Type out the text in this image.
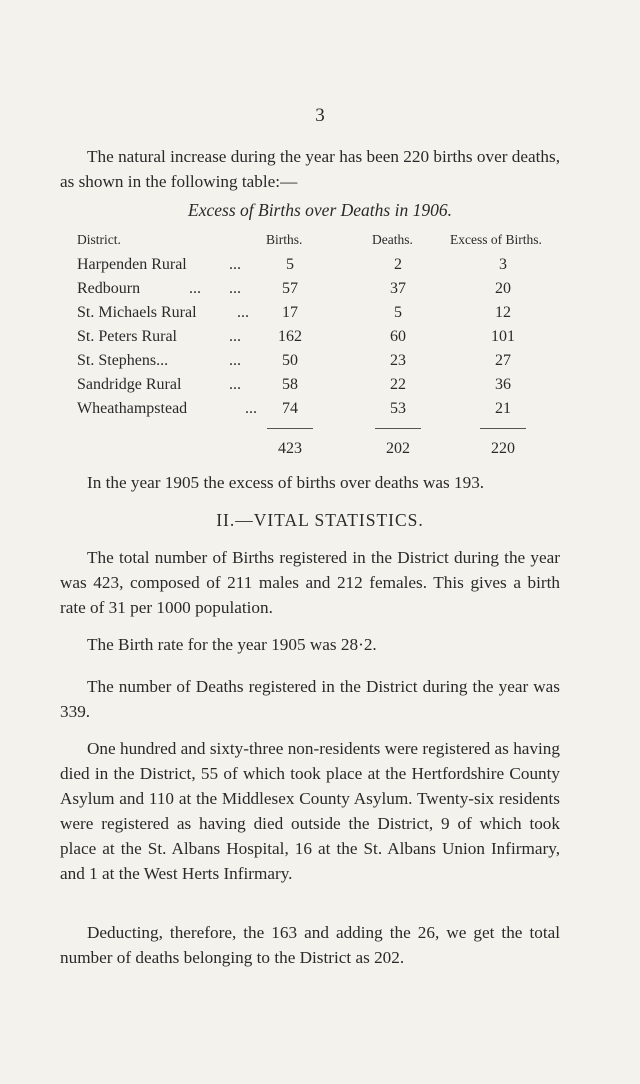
3
The natural increase during the year has been 220 births over deaths, as shown in the following table:—
Excess of Births over Deaths in 1906.
District.	Births.	Deaths.	Excess of Births.
Harpenden Rural	...	5	2	3
Redbourn	...	...	57	37	20
St. Michaels Rural	...	17	5	12
St. Peters Rural	...	162	60	101
St. Stephens...	...	50	23	27
Sandridge Rural	...	58	22	36
Wheathampstead	...	74	53	21
423	202	220
In the year 1905 the excess of births over deaths was 193.
II.—VITAL STATISTICS.
The total number of Births registered in the District during the year was 423, composed of 211 males and 212 females. This gives a birth rate of 31 per 1000 population.
The Birth rate for the year 1905 was 28·2.
The number of Deaths registered in the District during the year was 339.
One hundred and sixty-three non-residents were registered as having died in the District, 55 of which took place at the Hertfordshire County Asylum and 110 at the Middlesex County Asylum. Twenty-six residents were registered as having died outside the District, 9 of which took place at the St. Albans Hospital, 16 at the St. Albans Union Infirmary, and 1 at the West Herts Infirmary.
Deducting, therefore, the 163 and adding the 26, we get the total number of deaths belonging to the District as 202.
